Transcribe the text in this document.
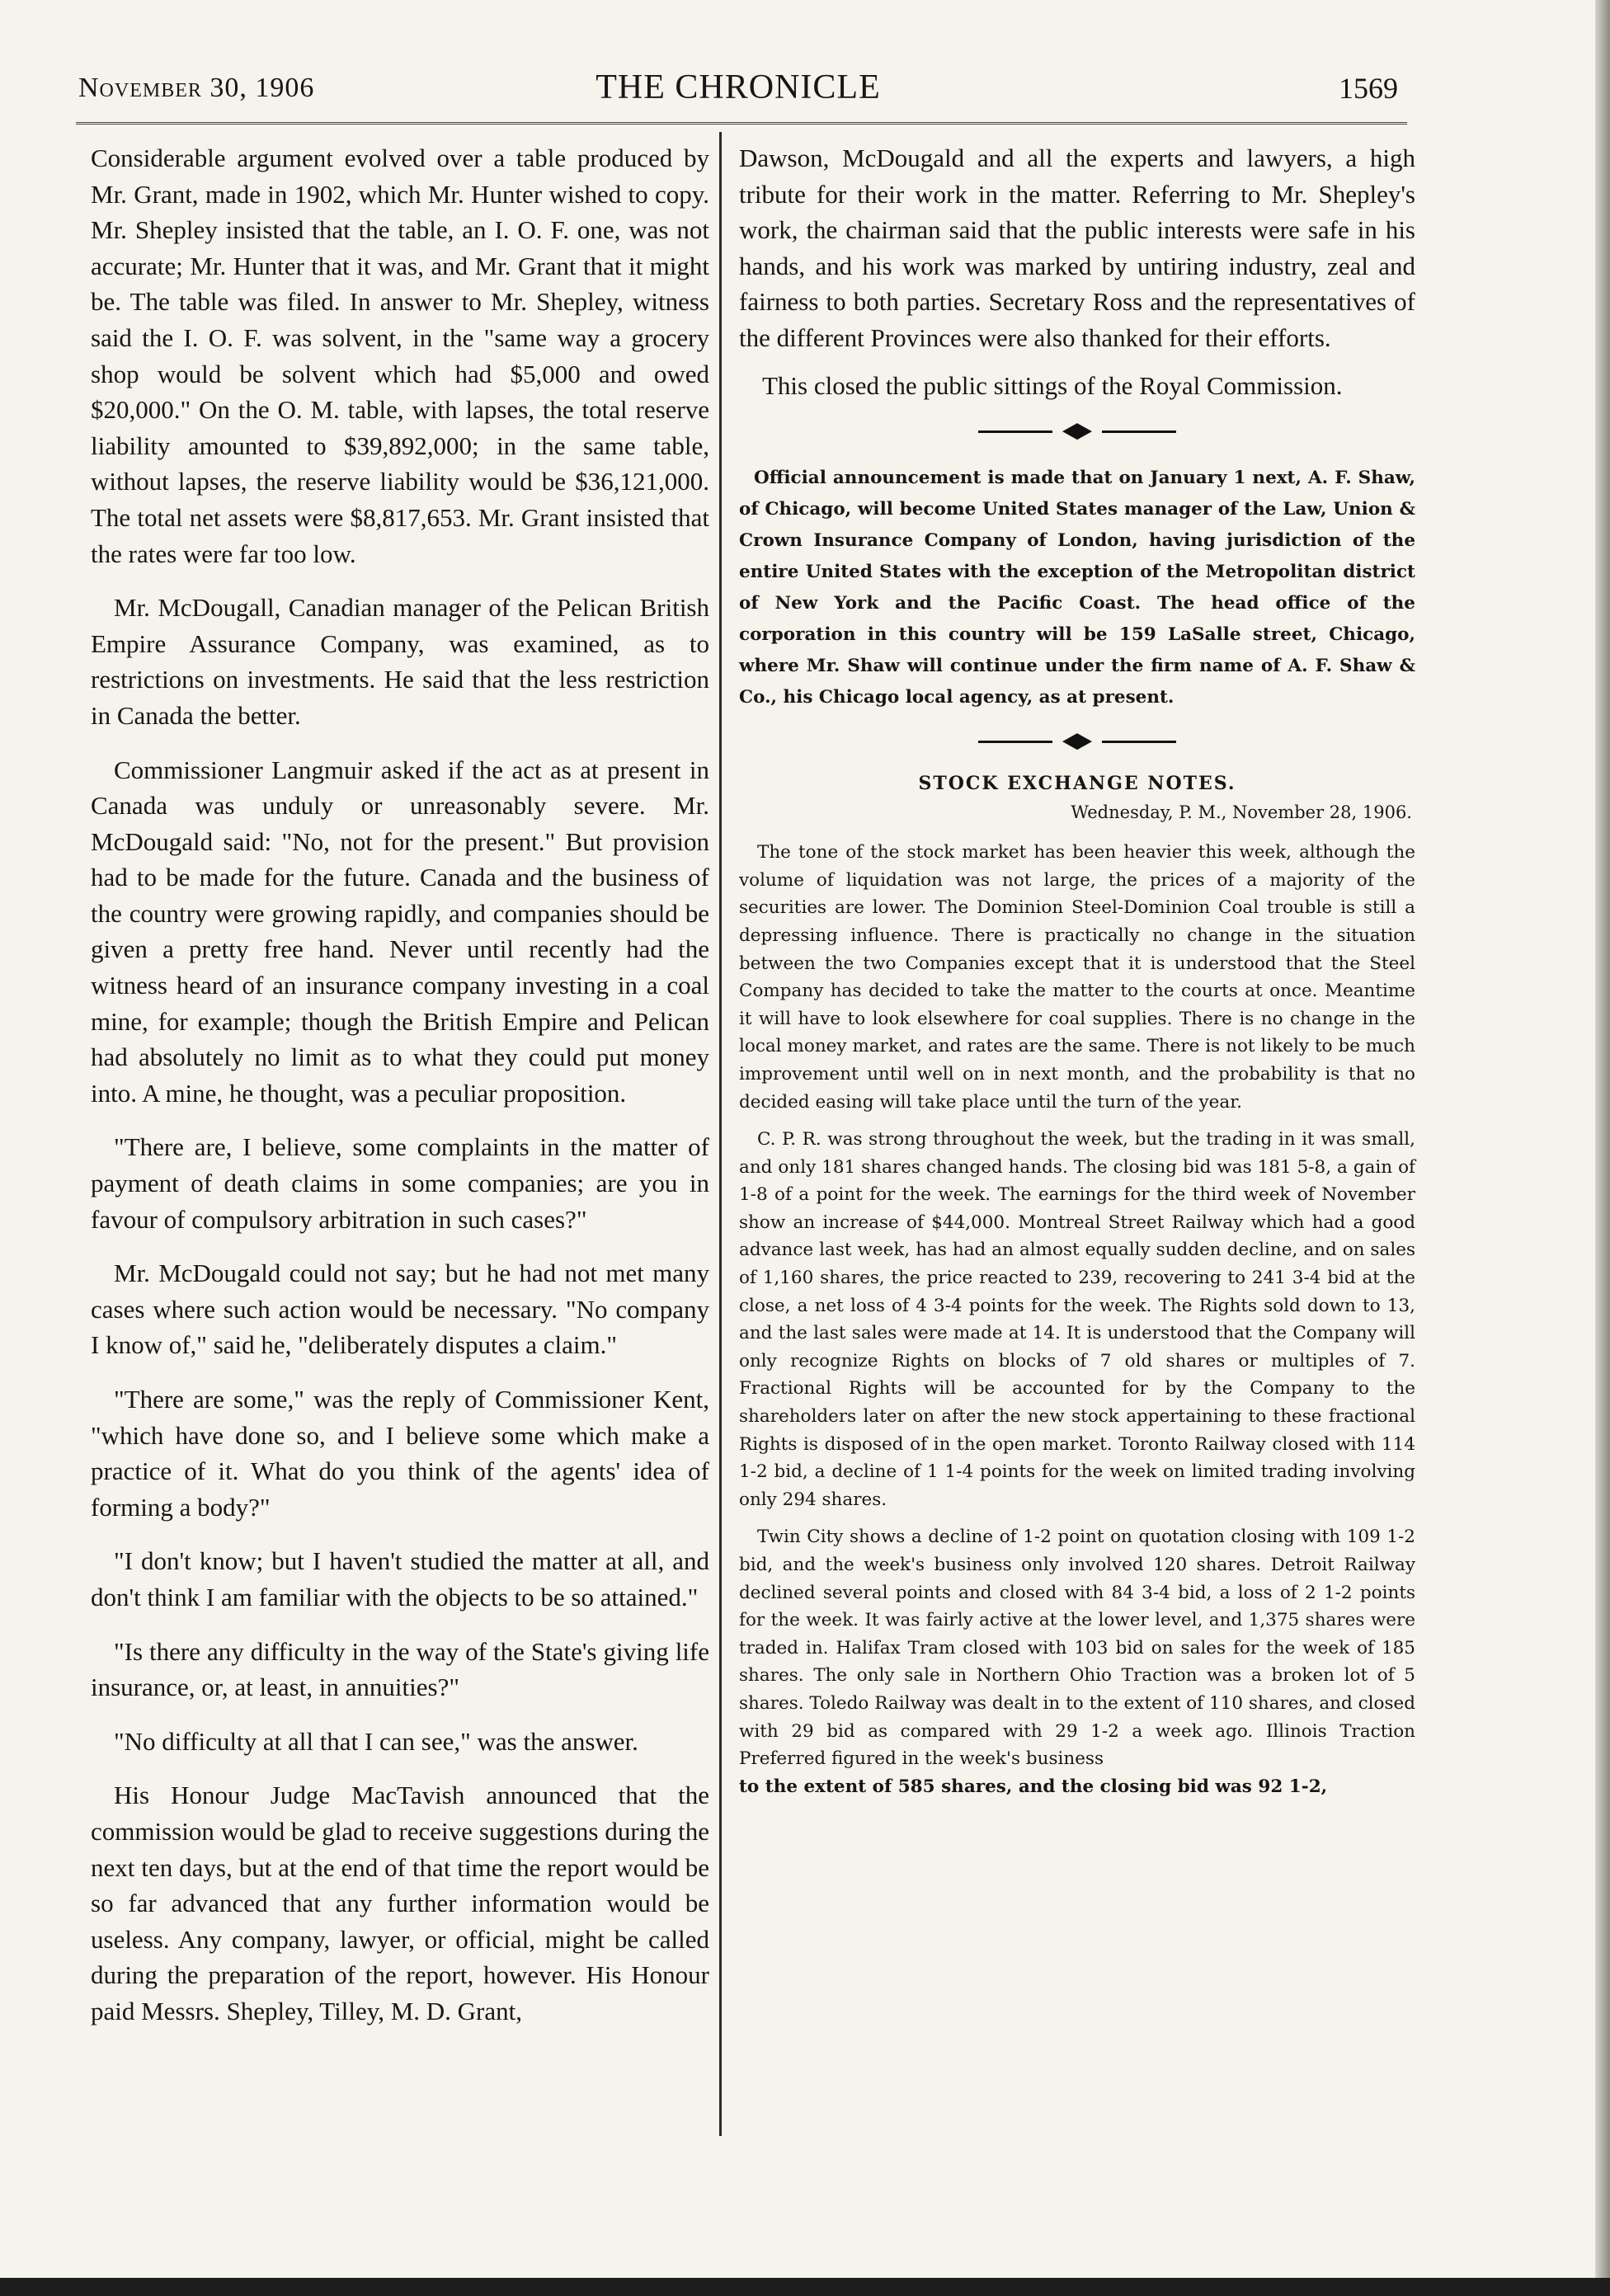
November 30, 1906	THE CHRONICLE	1569

Considerable argument evolved over a table produced by Mr. Grant, made in 1902, which Mr. Hunter wished to copy. Mr. Shepley insisted that the table, an I. O. F. one, was not accurate; Mr. Hunter that it was, and Mr. Grant that it might be. The table was filed. In answer to Mr. Shepley, witness said the I. O. F. was solvent, in the "same way a grocery shop would be solvent which had $5,000 and owed $20,000." On the O. M. table, with lapses, the total reserve liability amounted to $39,892,000; in the same table, without lapses, the reserve liability would be $36,121,000. The total net assets were $8,817,653. Mr. Grant insisted that the rates were far too low.

Mr. McDougall, Canadian manager of the Pelican British Empire Assurance Company, was examined, as to restrictions on investments. He said that the less restriction in Canada the better.

Commissioner Langmuir asked if the act as at present in Canada was unduly or unreasonably severe. Mr. McDougald said: "No, not for the present." But provision had to be made for the future. Canada and the business of the country were growing rapidly, and companies should be given a pretty free hand. Never until recently had the witness heard of an insurance company investing in a coal mine, for example; though the British Empire and Pelican had absolutely no limit as to what they could put money into. A mine, he thought, was a peculiar proposition.

"There are, I believe, some complaints in the matter of payment of death claims in some companies; are you in favour of compulsory arbitration in such cases?"

Mr. McDougald could not say; but he had not met many cases where such action would be necessary. "No company I know of," said he, "deliberately disputes a claim."

"There are some," was the reply of Commissioner Kent, "which have done so, and I believe some which make a practice of it. What do you think of the agents' idea of forming a body?"

"I don't know; but I haven't studied the matter at all, and don't think I am familiar with the objects to be so attained."

"Is there any difficulty in the way of the State's giving life insurance, or, at least, in annuities?"

"No difficulty at all that I can see," was the answer.

His Honour Judge MacTavish announced that the commission would be glad to receive suggestions during the next ten days, but at the end of that time the report would be so far advanced that any further information would be useless. Any company, lawyer, or official, might be called during the preparation of the report, however. His Honour paid Messrs. Shepley, Tilley, M. D. Grant,

Dawson, McDougald and all the experts and lawyers, a high tribute for their work in the matter. Referring to Mr. Shepley's work, the chairman said that the public interests were safe in his hands, and his work was marked by untiring industry, zeal and fairness to both parties. Secretary Ross and the representatives of the different Provinces were also thanked for their efforts.

This closed the public sittings of the Royal Commission.

Official announcement is made that on January 1 next, A. F. Shaw, of Chicago, will become United States manager of the Law, Union & Crown Insurance Company of London, having jurisdiction of the entire United States with the exception of the Metropolitan district of New York and the Pacific Coast. The head office of the corporation in this country will be 159 LaSalle street, Chicago, where Mr. Shaw will continue under the firm name of A. F. Shaw & Co., his Chicago local agency, as at present.

STOCK EXCHANGE NOTES.
Wednesday, P. M., November 28, 1906.

The tone of the stock market has been heavier this week, although the volume of liquidation was not large, the prices of a majority of the securities are lower. The Dominion Steel-Dominion Coal trouble is still a depressing influence. There is practically no change in the situation between the two Companies except that it is understood that the Steel Company has decided to take the matter to the courts at once. Meantime it will have to look elsewhere for coal supplies. There is no change in the local money market, and rates are the same. There is not likely to be much improvement until well on in next month, and the probability is that no decided easing will take place until the turn of the year.

C. P. R. was strong throughout the week, but the trading in it was small, and only 181 shares changed hands. The closing bid was 181 5-8, a gain of 1-8 of a point for the week. The earnings for the third week of November show an increase of $44,000. Montreal Street Railway which had a good advance last week, has had an almost equally sudden decline, and on sales of 1,160 shares, the price reacted to 239, recovering to 241 3-4 bid at the close, a net loss of 4 3-4 points for the week. The Rights sold down to 13, and the last sales were made at 14. It is understood that the Company will only recognize Rights on blocks of 7 old shares or multiples of 7. Fractional Rights will be accounted for by the Company to the shareholders later on after the new stock appertaining to these fractional Rights is disposed of in the open market. Toronto Railway closed with 114 1-2 bid, a decline of 1 1-4 points for the week on limited trading involving only 294 shares.

Twin City shows a decline of 1-2 point on quotation closing with 109 1-2 bid, and the week's business only involved 120 shares. Detroit Railway declined several points and closed with 84 3-4 bid, a loss of 2 1-2 points for the week. It was fairly active at the lower level, and 1,375 shares were traded in. Halifax Tram closed with 103 bid on sales for the week of 185 shares. The only sale in Northern Ohio Traction was a broken lot of 5 shares. Toledo Railway was dealt in to the extent of 110 shares, and closed with 29 bid as compared with 29 1-2 a week ago. Illinois Traction Preferred figured in the week's business

to the extent of 585 shares, and the closing bid was 92 1-2,
